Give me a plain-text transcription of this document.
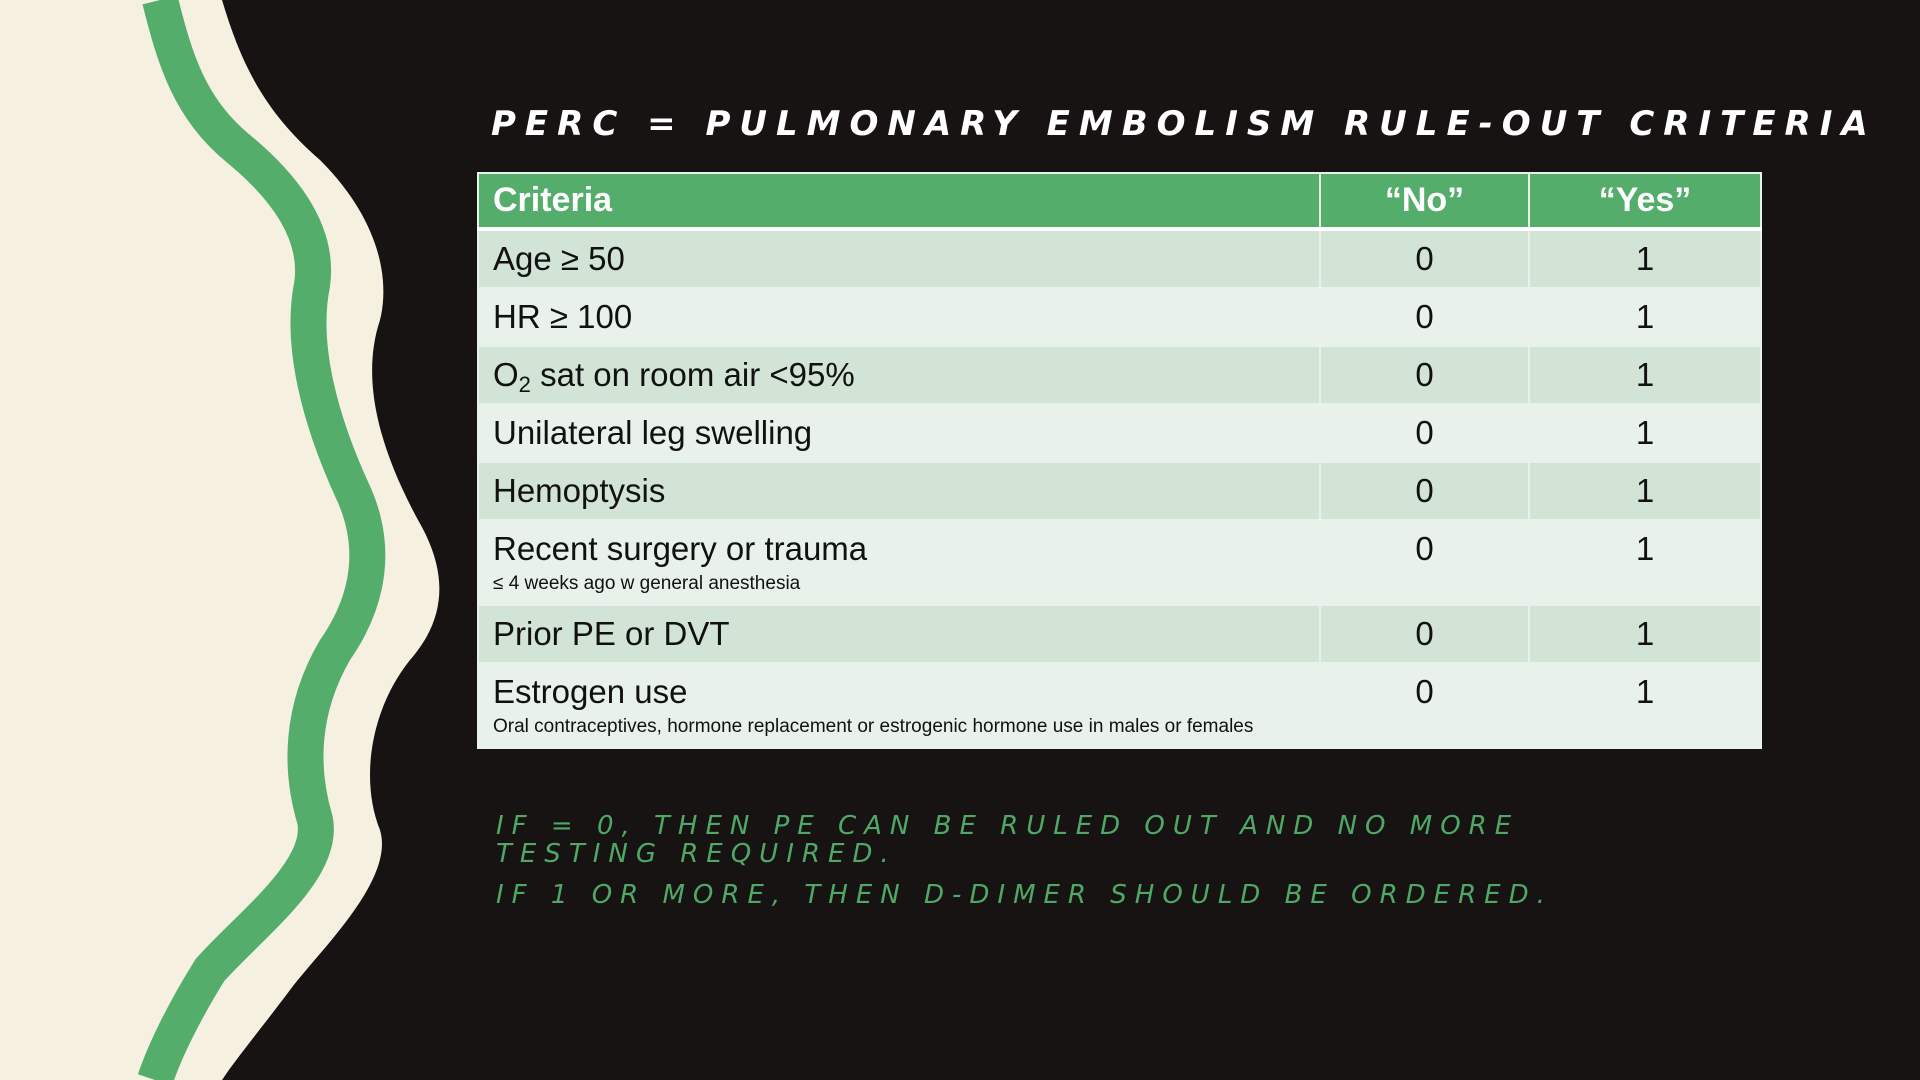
PERC = PULMONARY EMBOLISM RULE-OUT CRITERIA
Criteria	“No”	“Yes”

Age ≥ 50	0	1

HR ≥ 100	0	1

$O_2$ sat on room air <95%	0	1

Unilateral leg swelling	0	1

Hemoptysis	0	1

Recent surgery or trauma
≤ 4 weeks ago w general anesthesia	0	1

Prior PE or DVT	0	1

Estrogen use
Oral contraceptives, hormone replacement or estrogenic hormone use in males or females	0	1

IF = 0, THEN PE CAN BE RULED OUT AND NO MORE TESTING REQUIRED.

IF 1 OR MORE, THEN D-DIMER SHOULD BE ORDERED.
